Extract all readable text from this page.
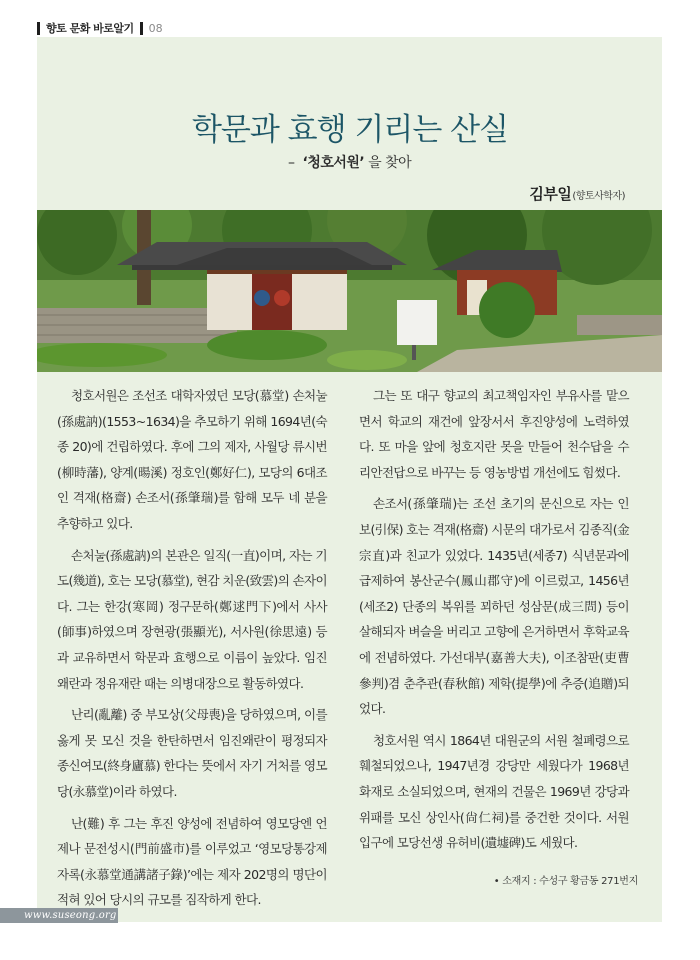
향토 문화 바로알기 08
학문과 효행 기리는 산실
– ‘청호서원’ 을 찾아
김부일(향토사학자)

청호서원은 조선조 대학자였던 모당(慕堂) 손처눌(孫處訥)(1553~1634)을 추모하기 위해 1694년(숙종 20)에 건립하였다. 후에 그의 제자, 사월당 류시번(柳時藩), 양계(暘溪) 정호인(鄭好仁), 모당의 6대조인 격재(格齋) 손조서(孫肇瑞)를 함해 모두 네 분을 추향하고 있다.

손처눌(孫處訥)의 본관은 일직(一直)이며, 자는 기도(幾道), 호는 모당(慕堂), 현감 치운(致雲)의 손자이다. 그는 한강(寒岡) 정구문하(鄭逑門下)에서 사사(師事)하였으며 장현광(張顯光), 서사원(徐思遠) 등과 교유하면서 학문과 효행으로 이름이 높았다. 임진왜란과 정유재란 때는 의병대장으로 활동하였다.

난리(亂離) 중 부모상(父母喪)을 당하였으며, 이를 옳게 못 모신 것을 한탄하면서 임진왜란이 평정되자 종신여모(終身廬慕) 한다는 뜻에서 자기 거처를 영모당(永慕堂)이라 하였다.

난(難) 후 그는 후진 양성에 전념하여 영모당엔 언제나 문전성시(門前盛市)를 이루었고 ‘영모당통강제자록(永慕堂通講諸子錄)’에는 제자 202명의 명단이 적혀 있어 당시의 규모를 짐작하게 한다.

그는 또 대구 향교의 최고책임자인 부유사를 맡으면서 학교의 재건에 앞장서서 후진양성에 노력하였다. 또 마을 앞에 청호지란 못을 만들어 천수답을 수리안전답으로 바꾸는 등 영농방법 개선에도 힘썼다.

손조서(孫肇瑞)는 조선 초기의 문신으로 자는 인보(引保) 호는 격재(格齋) 시문의 대가로서 김종직(金宗直)과 친교가 있었다. 1435년(세종7) 식년문과에 급제하여 봉산군수(鳳山郡守)에 이르렀고, 1456년(세조2) 단종의 복위를 꾀하던 성삼문(成三問) 등이 살해되자 벼슬을 버리고 고향에 은거하면서 후학교육에 전념하였다. 가선대부(嘉善大夫), 이조참판(吏曹參判)겸 춘추관(春秋館) 제학(提學)에 추증(追贈)되었다.

청호서원 역시 1864년 대원군의 서원 철폐령으로 훼철되었으나, 1947년경 강당만 세웠다가 1968년 화재로 소실되었으며, 현재의 건물은 1969년 강당과 위패를 모신 상인사(尙仁祠)를 중건한 것이다. 서원 입구에 모당선생 유허비(遺墟碑)도 세웠다.

• 소재지 : 수성구 황금동 271번지
www.suseong.org
